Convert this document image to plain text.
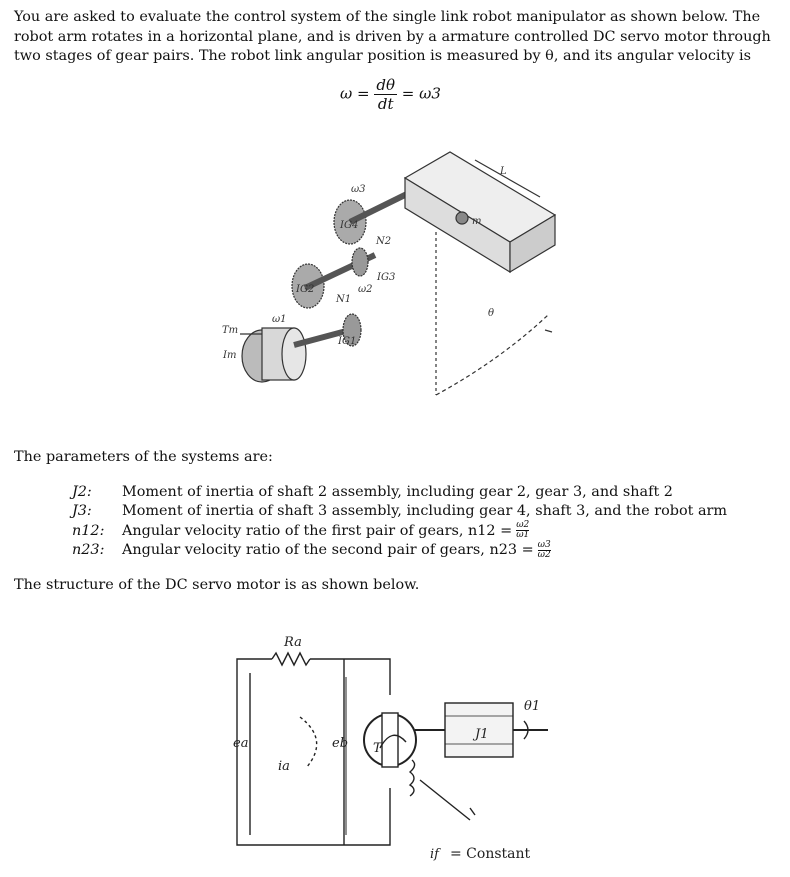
You are asked to evaluate the control system of the single link robot manipulator as shown below. The robot arm rotates in a horizontal plane, and is driven by a armature controlled DC servo motor through two stages of gear pairs. The robot link angular position is measured by θ, and its angular velocity is
$\omega = \frac{d\theta}{dt} = \omega 3$
ω3
IG4
N2
IG3
IG2	ω2
N1
IG1
ω1
Tm
Im
L
m
θ
The parameters of the systems are:
J2:	Moment of inertia of shaft 2 assembly, including gear 2, gear 3, and shaft 2
J3:	Moment of inertia of shaft 3 assembly, including gear 4, shaft 3, and the robot arm
n12:	Angular velocity ratio of the first pair of gears, $n12 = \frac{\omega 2}{\omega 1}$
n23:	Angular velocity ratio of the second pair of gears, $n23 = \frac{\omega 3}{\omega 2}$
The structure of the DC servo motor is as shown below.
Ra
ea
ia
eb T
J1
θ1
if = Constant
